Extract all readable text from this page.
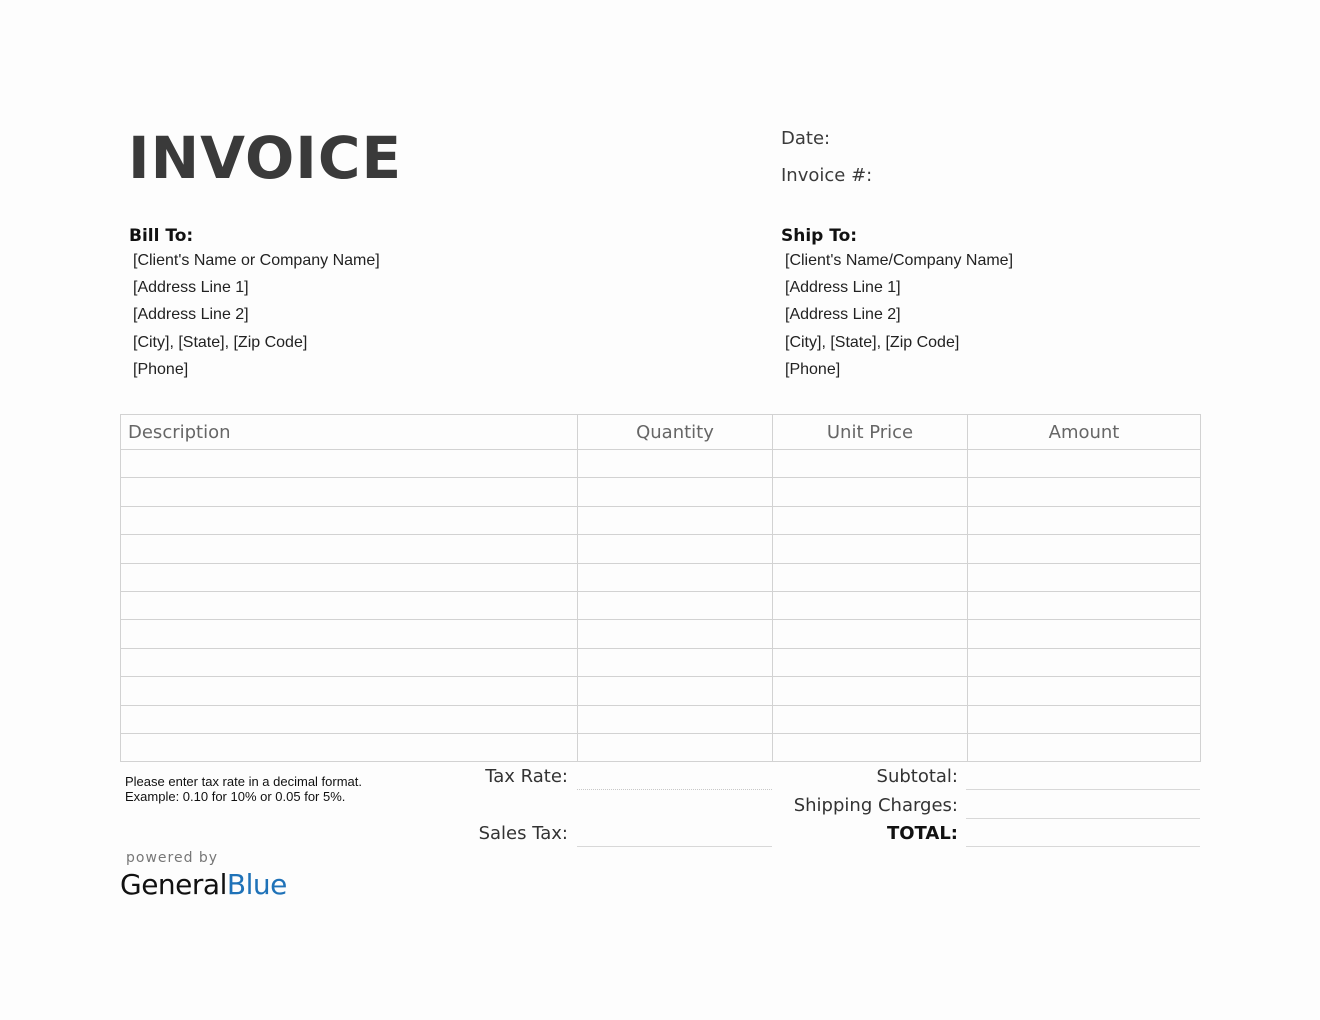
INVOICE	Date:
Invoice #:
Bill To:
[Client's Name or Company Name]
[Address Line 1]
[Address Line 2]
[City], [State], [Zip Code]
[Phone]
Ship To:
[Client's Name/Company Name]
[Address Line 1]
[Address Line 2]
[City], [State], [Zip Code]
[Phone]
Description	Quantity	Unit Price	Amount

Please enter tax rate in a decimal format.
Example: 0.10 for 10% or 0.05 for 5%.
Tax Rate:
Sales Tax:
Subtotal:
Shipping Charges:
TOTAL:
powered by
GeneralBlue
